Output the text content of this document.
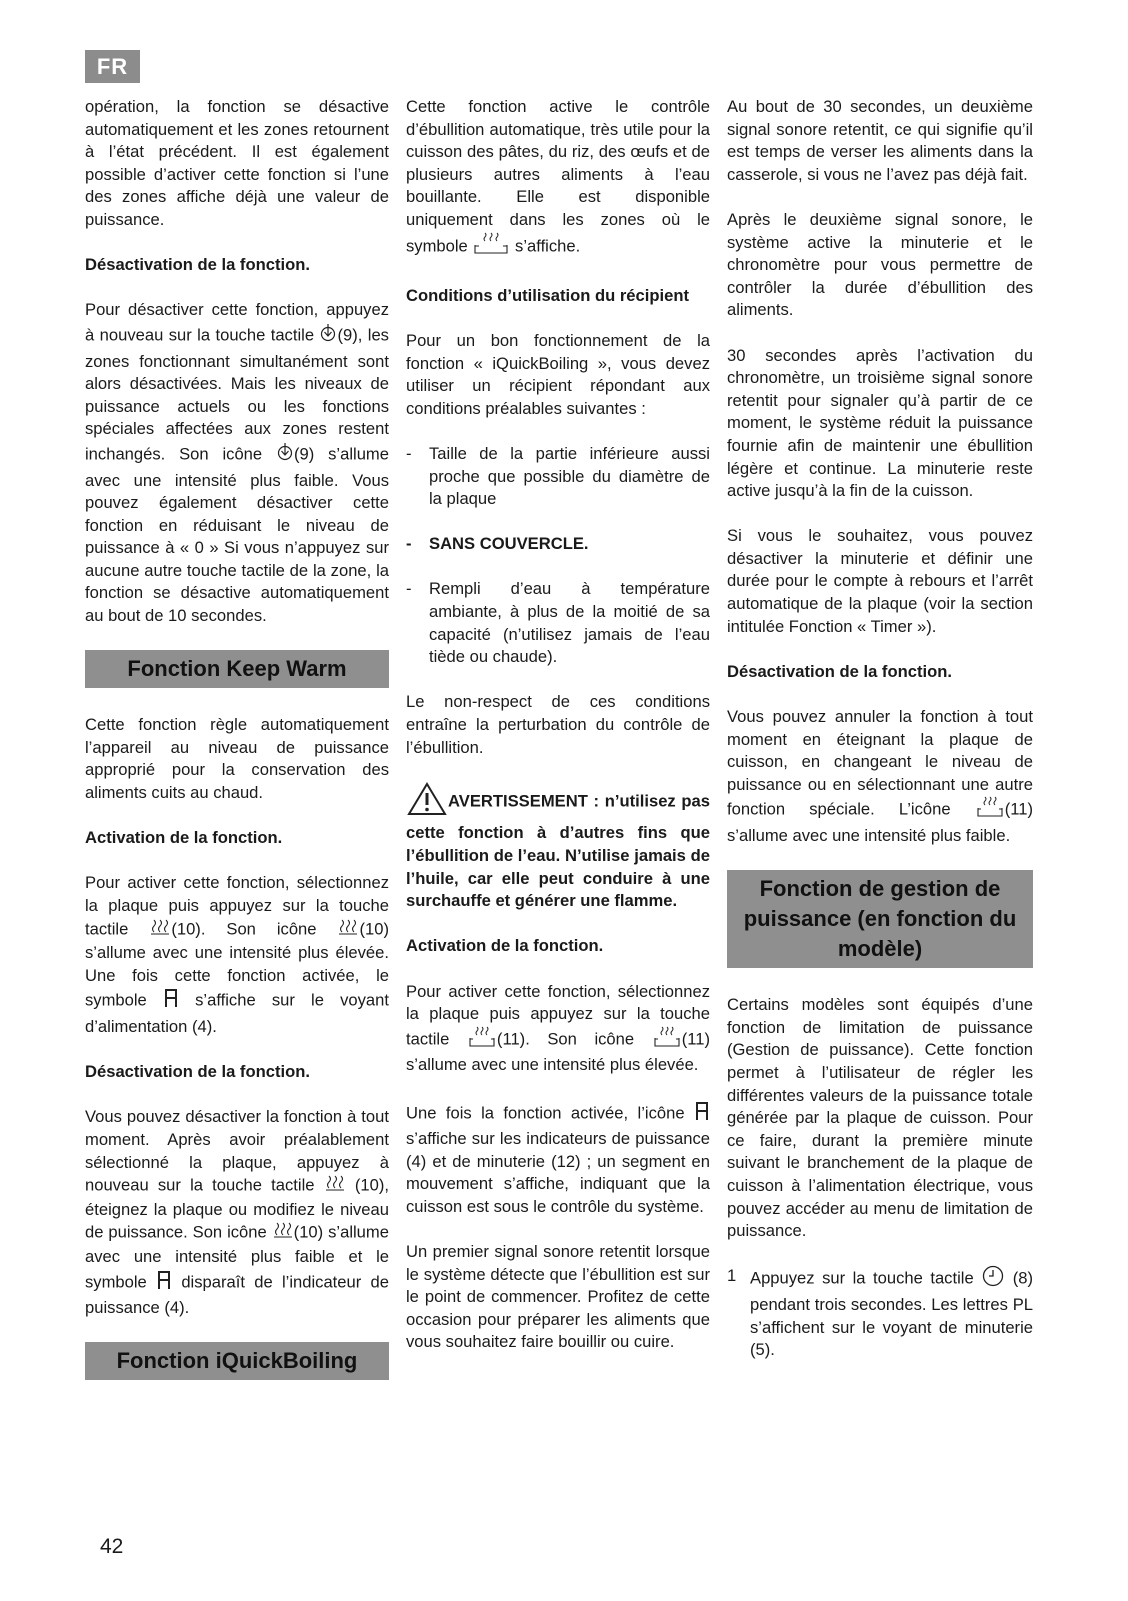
FR

opération, la fonction se désactive automatiquement et les zones retournent à l’état précédent. Il est également possible d’activer cette fonction si l’une des zones affiche déjà une valeur de puissance.

Désactivation de la fonction.

Pour désactiver cette fonction, appuyez à nouveau sur la touche tactile (9), les zones fonctionnant simultanément sont alors désactivées. Mais les niveaux de puissance actuels ou les fonctions spéciales affectées aux zones restent inchangés. Son icône (9) s’allume avec une intensité plus faible. Vous pouvez également désactiver cette fonction en réduisant le niveau de puissance à « 0 » Si vous n’appuyez sur aucune autre touche tactile de la zone, la fonction se désactive automatiquement au bout de 10 secondes.

Fonction Keep Warm

Cette fonction règle automatiquement l’appareil au niveau de puissance approprié pour la conservation des aliments cuits au chaud.

Activation de la fonction.

Pour activer cette fonction, sélectionnez la plaque puis appuyez sur la touche tactile	(10). Son icône	(10) s’allume avec une intensité plus élevée. Une fois cette fonction activée, le symbole	s’affiche sur le voyant d’alimentation (4).

Désactivation de la fonction.

Vous pouvez désactiver la fonction à tout moment. Après avoir préalablement sélectionné la plaque, appuyez à nouveau sur la touche tactile (10), éteignez la plaque ou modifiez le niveau de puissance. Son icône (10) s’allume avec une intensité plus faible et le symbole disparaît de l’indicateur de puissance (4).

Fonction iQuickBoiling

Cette fonction active le contrôle d’ébullition automatique, très utile pour la cuisson des pâtes, du riz, des œufs et de plusieurs autres aliments à l’eau bouillante. Elle est disponible uniquement dans les zones où le symbole	s’affiche.

Conditions d’utilisation du récipient

Pour un bon fonctionnement de la fonction « iQuickBoiling », vous devez utiliser un récipient répondant aux conditions préalables suivantes :

- Taille de la partie inférieure aussi proche que possible du diamètre de la plaque
- SANS COUVERCLE.
- Rempli d’eau à température ambiante, à plus de la moitié de sa capacité (n’utilisez jamais de l’eau tiède ou chaude).

Le non-respect de ces conditions entraîne la perturbation du contrôle de l’ébullition.

AVERTISSEMENT : n’utilisez pas cette fonction à d’autres fins que l’ébullition de l’eau. N’utilise jamais de l’huile, car elle peut conduire à une surchauffe et générer une flamme.

Activation de la fonction.

Pour activer cette fonction, sélectionnez la plaque puis appuyez sur la touche tactile	(11). Son icône	(11) s’allume avec une intensité plus élevée.

Une fois la fonction activée, l’icône  s’affiche sur les indicateurs de puissance (4) et de minuterie (12) ; un segment en mouvement s’affiche, indiquant que la cuisson est sous le contrôle du système.

Un premier signal sonore retentit lorsque le système détecte que l’ébullition est sur le point de commencer. Profitez de cette occasion pour préparer les aliments que vous souhaitez faire bouillir ou cuire.

Au bout de 30 secondes, un deuxième signal sonore retentit, ce qui signifie qu’il est temps de verser les aliments dans la casserole, si vous ne l’avez pas déjà fait.

Après le deuxième signal sonore, le système active la minuterie et le chronomètre pour vous permettre de contrôler la durée d’ébullition des aliments.

30 secondes après l’activation du chronomètre, un troisième signal sonore retentit pour signaler qu’à partir de ce moment, le système réduit la puissance fournie afin de maintenir une ébullition légère et continue. La minuterie reste active jusqu’à la fin de la cuisson.

Si vous le souhaitez, vous pouvez désactiver la minuterie et définir une durée pour le compte à rebours et l’arrêt automatique de la plaque (voir la section intitulée Fonction « Timer »).

Désactivation de la fonction.

Vous pouvez annuler la fonction à tout moment en éteignant la plaque de cuisson, en changeant le niveau de puissance ou en sélectionnant une autre fonction spéciale. L’icône	(11) s’allume avec une intensité plus faible.

Fonction de gestion de puissance (en fonction du modèle)

Certains modèles sont équipés d’une fonction de limitation de puissance (Gestion de puissance). Cette fonction permet à l’utilisateur de régler les différentes valeurs de la puissance totale générée par la plaque de cuisson. Pour ce faire, durant la première minute suivant le branchement de la plaque de cuisson à l’alimentation électrique, vous pouvez accéder au menu de limitation de puissance.

1 Appuyez sur la touche tactile (8) pendant trois secondes. Les lettres PL s’affichent sur le voyant de minuterie (5).
42
